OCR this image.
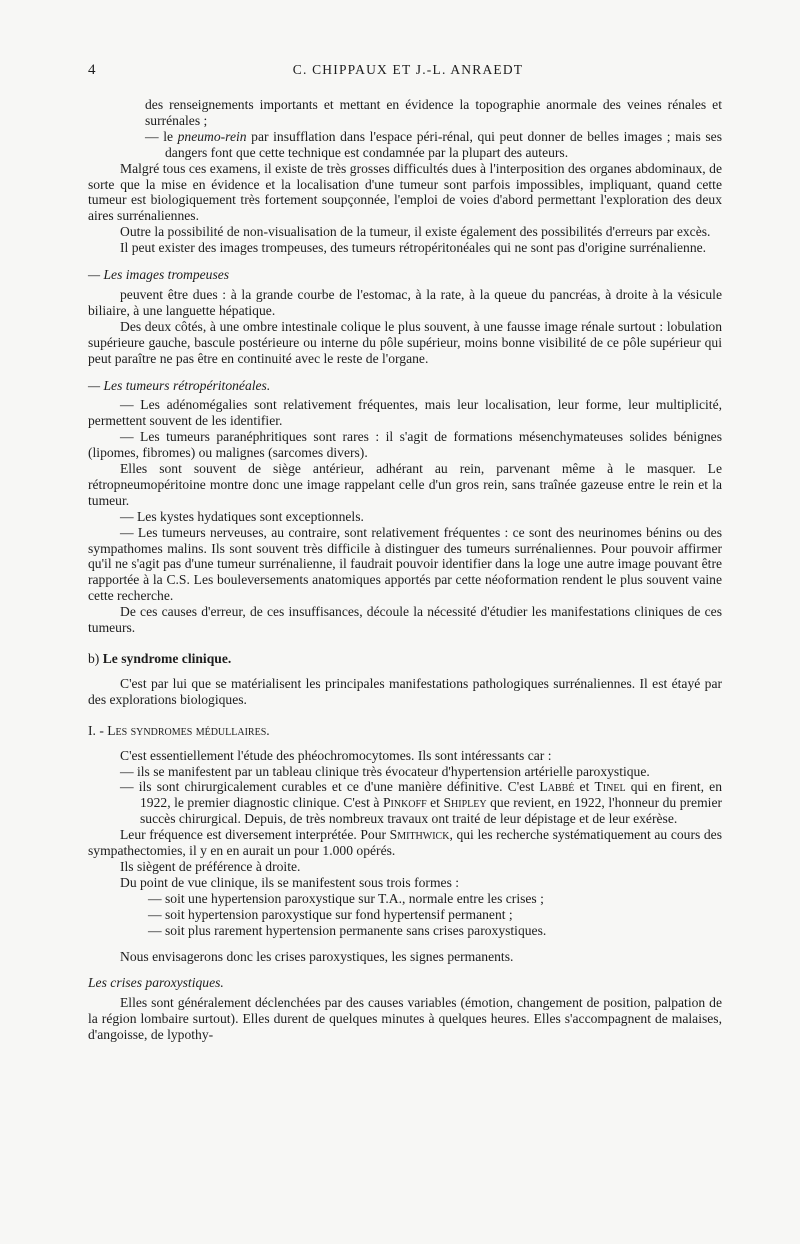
4	C. CHIPPAUX ET J.-L. ANRAEDT

des renseignements importants et mettant en évidence la topographie anormale des veines rénales et surrénales ;

— le pneumo-rein par insufflation dans l'espace péri-rénal, qui peut donner de belles images ; mais ses dangers font que cette technique est condamnée par la plupart des auteurs.

Malgré tous ces examens, il existe de très grosses difficultés dues à l'interposition des organes abdominaux, de sorte que la mise en évidence et la localisation d'une tumeur sont parfois impossibles, impliquant, quand cette tumeur est biologiquement très fortement soupçonnée, l'emploi de voies d'abord permettant l'exploration des deux aires surrénaliennes.

Outre la possibilité de non-visualisation de la tumeur, il existe également des possibilités d'erreurs par excès.

Il peut exister des images trompeuses, des tumeurs rétropéritonéales qui ne sont pas d'origine surrénalienne.

— Les images trompeuses

peuvent être dues : à la grande courbe de l'estomac, à la rate, à la queue du pancréas, à droite à la vésicule biliaire, à une languette hépatique.

Des deux côtés, à une ombre intestinale colique le plus souvent, à une fausse image rénale surtout : lobulation supérieure gauche, bascule postérieure ou interne du pôle supérieur, moins bonne visibilité de ce pôle supérieur qui peut paraître ne pas être en continuité avec le reste de l'organe.

— Les tumeurs rétropéritonéales.

— Les adénomégalies sont relativement fréquentes, mais leur localisation, leur forme, leur multiplicité, permettent souvent de les identifier.

— Les tumeurs paranéphritiques sont rares : il s'agit de formations mésenchymateuses solides bénignes (lipomes, fibromes) ou malignes (sarcomes divers).

Elles sont souvent de siège antérieur, adhérant au rein, parvenant même à le masquer. Le rétropneumopéritoine montre donc une image rappelant celle d'un gros rein, sans traînée gazeuse entre le rein et la tumeur.

— Les kystes hydatiques sont exceptionnels.

— Les tumeurs nerveuses, au contraire, sont relativement fréquentes : ce sont des neurinomes bénins ou des sympathomes malins. Ils sont souvent très difficile à distinguer des tumeurs surrénaliennes. Pour pouvoir affirmer qu'il ne s'agit pas d'une tumeur surrénalienne, il faudrait pouvoir identifier dans la loge une autre image pouvant être rapportée à la C.S. Les bouleversements anatomiques apportés par cette néoformation rendent le plus souvent vaine cette recherche.

De ces causes d'erreur, de ces insuffisances, découle la nécessité d'étudier les manifestations cliniques de ces tumeurs.

b) Le syndrome clinique.

C'est par lui que se matérialisent les principales manifestations pathologiques surrénaliennes. Il est étayé par des explorations biologiques.

I. - Les syndromes médullaires.

C'est essentiellement l'étude des phéochromocytomes. Ils sont intéressants car :

— ils se manifestent par un tableau clinique très évocateur d'hypertension artérielle paroxystique.

— ils sont chirurgicalement curables et ce d'une manière définitive. C'est Labbé et Tinel qui en firent, en 1922, le premier diagnostic clinique. C'est à Pinkoff et Shipley que revient, en 1922, l'honneur du premier succès chirurgical. Depuis, de très nombreux travaux ont traité de leur dépistage et de leur exérèse.

Leur fréquence est diversement interprétée. Pour Smithwick, qui les recherche systématiquement au cours des sympathectomies, il y en en aurait un pour 1.000 opérés.

Ils siègent de préférence à droite.

Du point de vue clinique, ils se manifestent sous trois formes :

— soit une hypertension paroxystique sur T.A., normale entre les crises ;

— soit hypertension paroxystique sur fond hypertensif permanent ;

— soit plus rarement hypertension permanente sans crises paroxystiques.

Nous envisagerons donc les crises paroxystiques, les signes permanents.

Les crises paroxystiques.

Elles sont généralement déclenchées par des causes variables (émotion, changement de position, palpation de la région lombaire surtout). Elles durent de quelques minutes à quelques heures. Elles s'accompagnent de malaises, d'angoisse, de lypothy-
